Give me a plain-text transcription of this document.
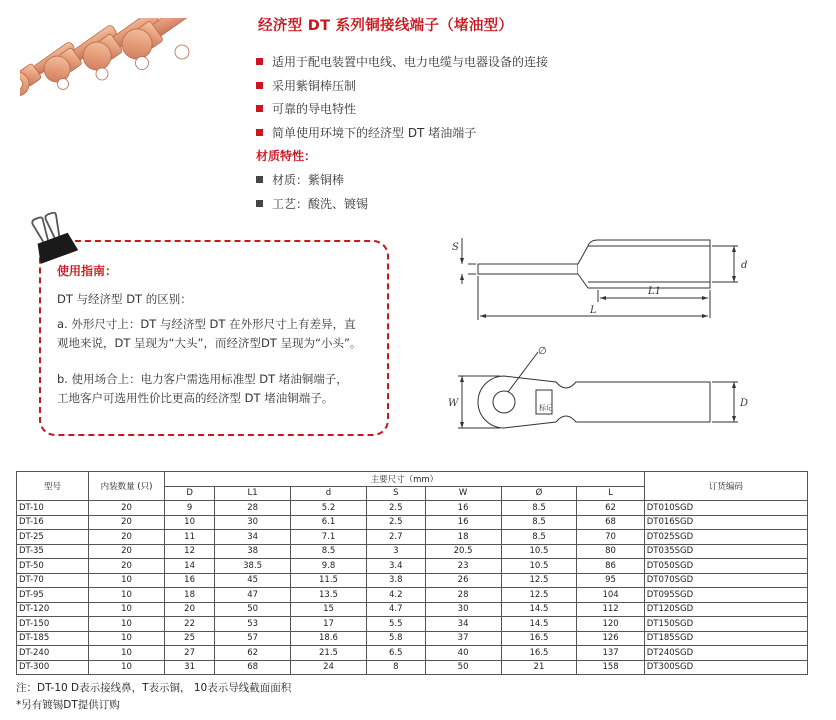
经济型 DT 系列铜接线端子（堵油型）
适用于配电装置中电线、电力电缆与电器设备的连接
采用紫铜棒压制
可靠的导电特性
简单使用环境下的经济型 DT 堵油端子
材质特性：
材质：紫铜棒
工艺：酸洗、镀锡
使用指南：
DT 与经济型 DT 的区别：
a. 外形尺寸上：DT 与经济型 DT 在外形尺寸上有差异，直
观地来说，DT 呈现为“大头”，而经济型DT 呈现为“小头”。
b. 使用场合上：电力客户需选用标准型 DT 堵油铜端子，
工地客户可选用性价比更高的经济型 DT 堵油铜端子。
S
d
L1
L
W	D
∅
标记
型号	内装数量 (只)	主要尺寸（mm）							订货编码
		D	L1	d	S	W	Ø	L	
DT-10	20	9	28	5.2	2.5	16	8.5	62	DT010SGD
DT-16	20	10	30	6.1	2.5	16	8.5	68	DT016SGD
DT-25	20	11	34	7.1	2.7	18	8.5	70	DT025SGD
DT-35	20	12	38	8.5	3	20.5	10.5	80	DT035SGD
DT-50	20	14	38.5	9.8	3.4	23	10.5	86	DT050SGD
DT-70	10	16	45	11.5	3.8	26	12.5	95	DT070SGD
DT-95	10	18	47	13.5	4.2	28	12.5	104	DT095SGD
DT-120	10	20	50	15	4.7	30	14.5	112	DT120SGD
DT-150	10	22	53	17	5.5	34	14.5	120	DT150SGD
DT-185	10	25	57	18.6	5.8	37	16.5	126	DT185SGD
DT-240	10	27	62	21.5	6.5	40	16.5	137	DT240SGD
DT-300	10	31	68	24	8	50	21	158	DT300SGD
注：DT-10 D表示接线鼻，T表示铜， 10表示导线截面面积
*另有镀锡DT提供订购
